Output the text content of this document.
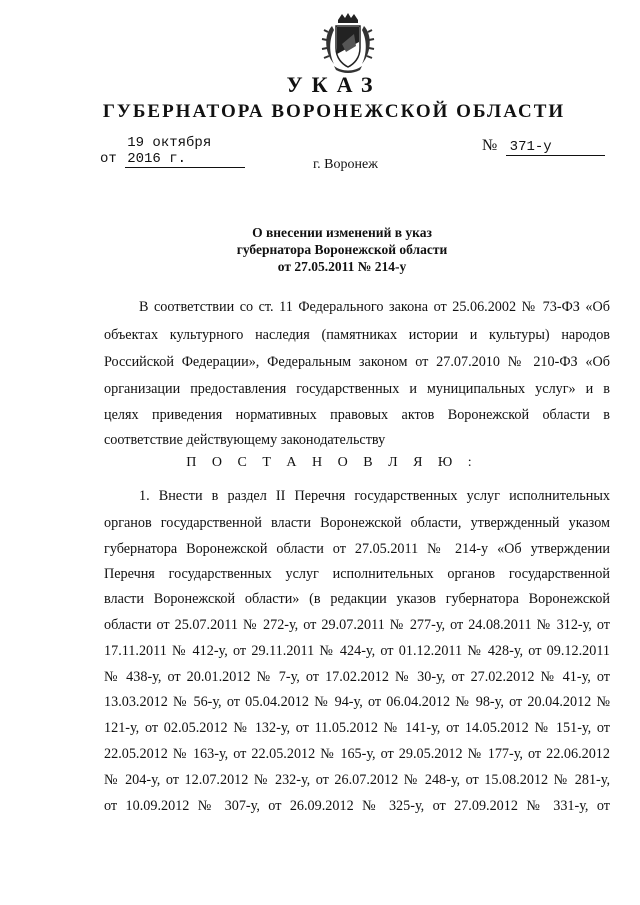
УКАЗ
ГУБЕРНАТОРА ВОРОНЕЖСКОЙ ОБЛАСТИ
от 19 октября 2016 г.
№ 371-у
г. Воронеж
О внесении изменений в указ
губернатора Воронежской области
от 27.05.2011 № 214-у
В соответствии со ст. 11 Федерального закона от 25.06.2002 № 73-ФЗ «Об
объектах культурного наследия (памятниках истории и культуры) народов
Российской Федерации», Федеральным законом от 27.07.2010 № 210-ФЗ «Об
организации предоставления государственных и муниципальных услуг» и в
целях приведения нормативных правовых актов Воронежской области в
соответствие действующему законодательству
П О С Т А Н О В Л Я Ю :
1. Внести в раздел II Перечня государственных услуг исполнительных
органов государственной власти Воронежской области, утвержденный указом
губернатора Воронежской области от 27.05.2011 № 214-у «Об утверждении
Перечня государственных услуг исполнительных органов государственной
власти Воронежской области» (в редакции указов губернатора Воронежской
области от 25.07.2011 № 272-у, от 29.07.2011 № 277-у, от 24.08.2011 № 312-у, от
17.11.2011 № 412-у, от 29.11.2011 № 424-у, от 01.12.2011 № 428-у, от 09.12.2011
№ 438-у, от 20.01.2012 № 7-у, от 17.02.2012 № 30-у, от 27.02.2012 № 41-у, от
13.03.2012 № 56-у, от 05.04.2012 № 94-у, от 06.04.2012 № 98-у, от 20.04.2012 №
121-у, от 02.05.2012 № 132-у, от 11.05.2012 № 141-у, от 14.05.2012 № 151-у, от
22.05.2012 № 163-у, от 22.05.2012 № 165-у, от 29.05.2012 № 177-у, от 22.06.2012
№ 204-у, от 12.07.2012 № 232-у, от 26.07.2012 № 248-у, от 15.08.2012 № 281-у,
от 10.09.2012 № 307-у, от 26.09.2012 № 325-у, от 27.09.2012 № 331-у, от
